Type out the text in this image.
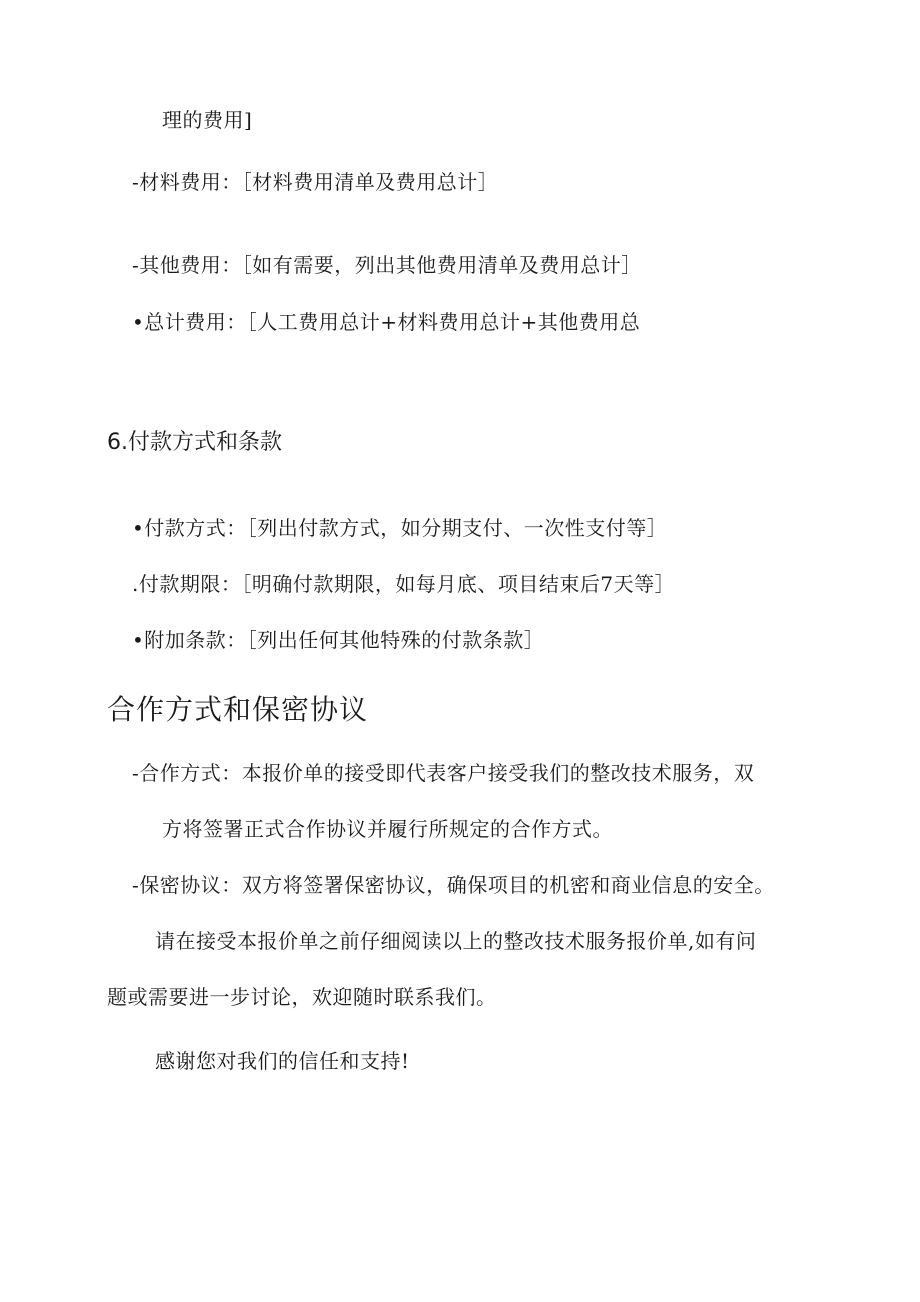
理的费用]
-材料费用：［材料费用清单及费用总计］
-其他费用：［如有需要，列出其他费用清单及费用总计］
•总计费用：［人工费用总计+材料费用总计+其他费用总
6.付款方式和条款
•付款方式：［列出付款方式，如分期支付、一次性支付等］
.付款期限：［明确付款期限，如每月底、项目结束后7天等］
•附加条款：［列出任何其他特殊的付款条款］
合作方式和保密协议
-合作方式：本报价单的接受即代表客户接受我们的整改技术服务，双
方将签署正式合作协议并履行所规定的合作方式。
-保密协议：双方将签署保密协议，确保项目的机密和商业信息的安全。
请在接受本报价单之前仔细阅读以上的整改技术服务报价单,如有问
题或需要进一步讨论，欢迎随时联系我们。
感谢您对我们的信任和支持!
